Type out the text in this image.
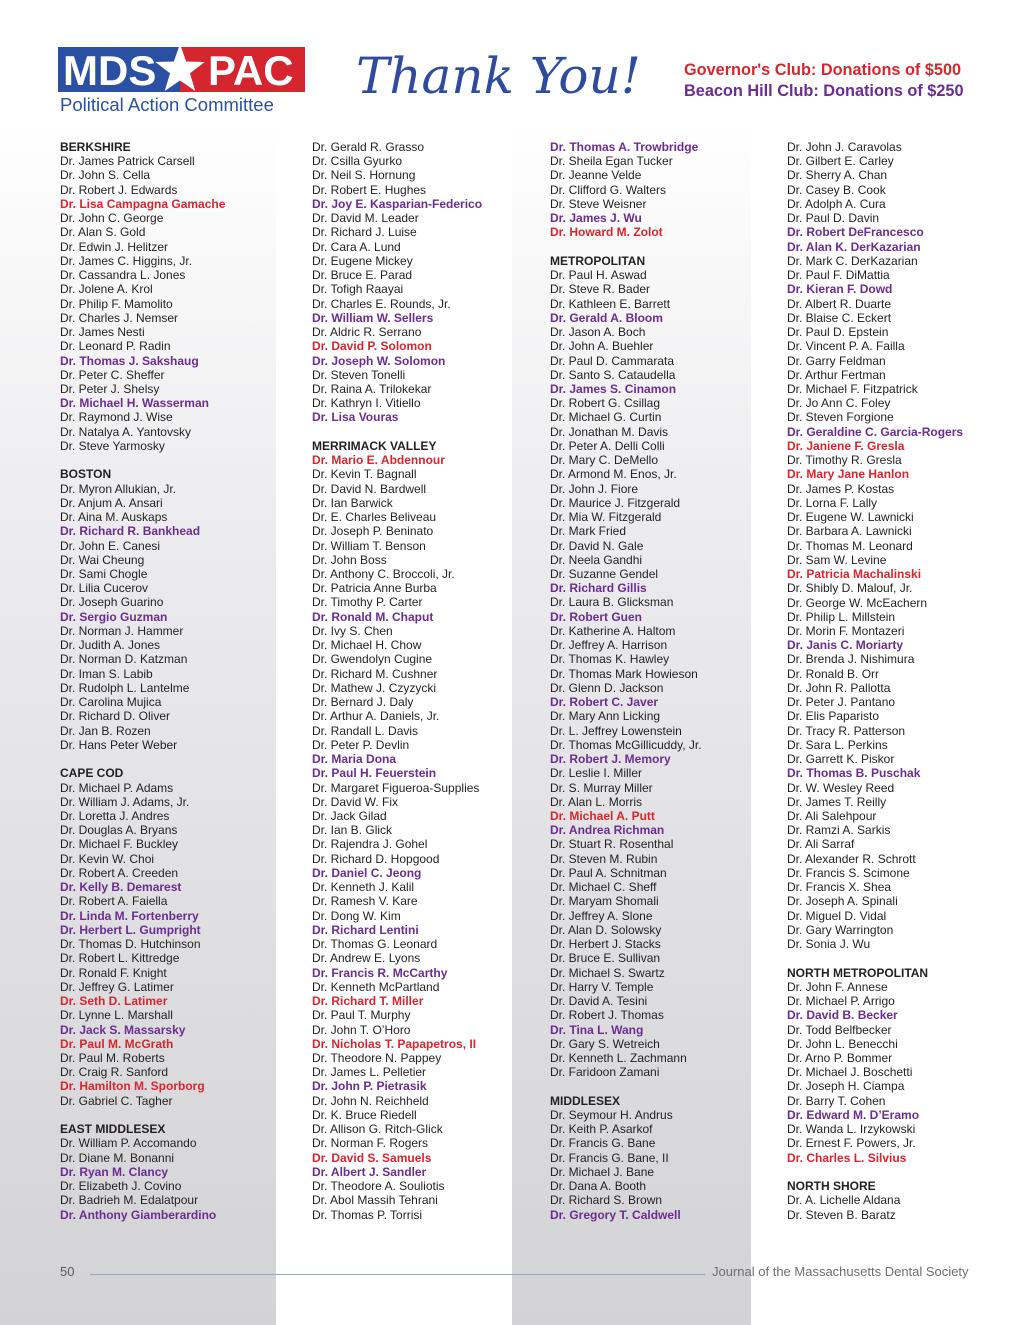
MDS PAC
Political Action Committee Thank You!	Governor's Club: Donations of $500
Beacon Hill Club: Donations of $250
BERKSHIRE
Dr. James Patrick Carsell
Dr. John S. Cella
Dr. Robert J. Edwards
Dr. Lisa Campagna Gamache
Dr. John C. George
Dr. Alan S. Gold
Dr. Edwin J. Helitzer
Dr. James C. Higgins, Jr.
Dr. Cassandra L. Jones
Dr. Jolene A. Krol
Dr. Philip F. Mamolito
Dr. Charles J. Nemser
Dr. James Nesti
Dr. Leonard P. Radin
Dr. Thomas J. Sakshaug
Dr. Peter C. Sheffer
Dr. Peter J. Shelsy
Dr. Michael H. Wasserman
Dr. Raymond J. Wise
Dr. Natalya A. Yantovsky
Dr. Steve Yarmosky
BOSTON
Dr. Myron Allukian, Jr.
Dr. Anjum A. Ansari
Dr. Aina M. Auskaps
Dr. Richard R. Bankhead
Dr. John E. Canesi
Dr. Wai Cheung
Dr. Sami Chogle
Dr. Lilia Cucerov
Dr. Joseph Guarino
Dr. Sergio Guzman
Dr. Norman J. Hammer
Dr. Judith A. Jones
Dr. Norman D. Katzman
Dr. Iman S. Labib
Dr. Rudolph L. Lantelme
Dr. Carolina Mujica
Dr. Richard D. Oliver
Dr. Jan B. Rozen
Dr. Hans Peter Weber
CAPE COD
Dr. Michael P. Adams
Dr. William J. Adams, Jr.
Dr. Loretta J. Andres
Dr. Douglas A. Bryans
Dr. Michael F. Buckley
Dr. Kevin W. Choi
Dr. Robert A. Creeden
Dr. Kelly B. Demarest
Dr. Robert A. Faiella
Dr. Linda M. Fortenberry
Dr. Herbert L. Gumpright
Dr. Thomas D. Hutchinson
Dr. Robert L. Kittredge
Dr. Ronald F. Knight
Dr. Jeffrey G. Latimer
Dr. Seth D. Latimer
Dr. Lynne L. Marshall
Dr. Jack S. Massarsky
Dr. Paul M. McGrath
Dr. Paul M. Roberts
Dr. Craig R. Sanford
Dr. Hamilton M. Sporborg
Dr. Gabriel C. Tagher
EAST MIDDLESEX
Dr. William P. Accomando
Dr. Diane M. Bonanni
Dr. Ryan M. Clancy
Dr. Elizabeth J. Covino
Dr. Badrieh M. Edalatpour
Dr. Anthony Giamberardino
Dr. Gerald R. Grasso
Dr. Csilla Gyurko
Dr. Neil S. Hornung
Dr. Robert E. Hughes
Dr. Joy E. Kasparian-Federico
Dr. David M. Leader
Dr. Richard J. Luise
Dr. Cara A. Lund
Dr. Eugene Mickey
Dr. Bruce E. Parad
Dr. Tofigh Raayai
Dr. Charles E. Rounds, Jr.
Dr. William W. Sellers
Dr. Aldric R. Serrano
Dr. David P. Solomon
Dr. Joseph W. Solomon
Dr. Steven Tonelli
Dr. Raina A. Trilokekar
Dr. Kathryn I. Vitiello
Dr. Lisa Vouras
MERRIMACK VALLEY
Dr. Mario E. Abdennour
Dr. Kevin T. Bagnall
Dr. David N. Bardwell
Dr. Ian Barwick
Dr. E. Charles Beliveau
Dr. Joseph P. Beninato
Dr. William T. Benson
Dr. John Boss
Dr. Anthony C. Broccoli, Jr.
Dr. Patricia Anne Burba
Dr. Timothy P. Carter
Dr. Ronald M. Chaput
Dr. Ivy S. Chen
Dr. Michael H. Chow
Dr. Gwendolyn Cugine
Dr. Richard M. Cushner
Dr. Mathew J. Czyzycki
Dr. Bernard J. Daly
Dr. Arthur A. Daniels, Jr.
Dr. Randall L. Davis
Dr. Peter P. Devlin
Dr. Maria Dona
Dr. Paul H. Feuerstein
Dr. Margaret Figueroa-Supplies
Dr. David W. Fix
Dr. Jack Gilad
Dr. Ian B. Glick
Dr. Rajendra J. Gohel
Dr. Richard D. Hopgood
Dr. Daniel C. Jeong
Dr. Kenneth J. Kalil
Dr. Ramesh V. Kare
Dr. Dong W. Kim
Dr. Richard Lentini
Dr. Thomas G. Leonard
Dr. Andrew E. Lyons
Dr. Francis R. McCarthy
Dr. Kenneth McPartland
Dr. Richard T. Miller
Dr. Paul T. Murphy
Dr. John T. O’Horo
Dr. Nicholas T. Papapetros, II
Dr. Theodore N. Pappey
Dr. James L. Pelletier
Dr. John P. Pietrasik
Dr. John N. Reichheld
Dr. K. Bruce Riedell
Dr. Allison G. Ritch-Glick
Dr. Norman F. Rogers
Dr. David S. Samuels
Dr. Albert J. Sandler
Dr. Theodore A. Souliotis
Dr. Abol Massih Tehrani
Dr. Thomas P. Torrisi
Dr. Thomas A. Trowbridge
Dr. Sheila Egan Tucker
Dr. Jeanne Velde
Dr. Clifford G. Walters
Dr. Steve Weisner
Dr. James J. Wu
Dr. Howard M. Zolot
METROPOLITAN
Dr. Paul H. Aswad
Dr. Steve R. Bader
Dr. Kathleen E. Barrett
Dr. Gerald A. Bloom
Dr. Jason A. Boch
Dr. John A. Buehler
Dr. Paul D. Cammarata
Dr. Santo S. Cataudella
Dr. James S. Cinamon
Dr. Robert G. Csillag
Dr. Michael G. Curtin
Dr. Jonathan M. Davis
Dr. Peter A. Delli Colli
Dr. Mary C. DeMello
Dr. Armond M. Enos, Jr.
Dr. John J. Fiore
Dr. Maurice J. Fitzgerald
Dr. Mia W. Fitzgerald
Dr. Mark Fried
Dr. David N. Gale
Dr. Neela Gandhi
Dr. Suzanne Gendel
Dr. Richard Gillis
Dr. Laura B. Glicksman
Dr. Robert Guen
Dr. Katherine A. Haltom
Dr. Jeffrey A. Harrison
Dr. Thomas K. Hawley
Dr. Thomas Mark Howieson
Dr. Glenn D. Jackson
Dr. Robert C. Javer
Dr. Mary Ann Licking
Dr. L. Jeffrey Lowenstein
Dr. Thomas McGillicuddy, Jr.
Dr. Robert J. Memory
Dr. Leslie I. Miller
Dr. S. Murray Miller
Dr. Alan L. Morris
Dr. Michael A. Putt
Dr. Andrea Richman
Dr. Stuart R. Rosenthal
Dr. Steven M. Rubin
Dr. Paul A. Schnitman
Dr. Michael C. Sheff
Dr. Maryam Shomali
Dr. Jeffrey A. Slone
Dr. Alan D. Solowsky
Dr. Herbert J. Stacks
Dr. Bruce E. Sullivan
Dr. Michael S. Swartz
Dr. Harry V. Temple
Dr. David A. Tesini
Dr. Robert J. Thomas
Dr. Tina L. Wang
Dr. Gary S. Wetreich
Dr. Kenneth L. Zachmann
Dr. Faridoon Zamani
MIDDLESEX
Dr. Seymour H. Andrus
Dr. Keith P. Asarkof
Dr. Francis G. Bane
Dr. Francis G. Bane, II
Dr. Michael J. Bane
Dr. Dana A. Booth
Dr. Richard S. Brown
Dr. Gregory T. Caldwell
Dr. John J. Caravolas
Dr. Gilbert E. Carley
Dr. Sherry A. Chan
Dr. Casey B. Cook
Dr. Adolph A. Cura
Dr. Paul D. Davin
Dr. Robert DeFrancesco
Dr. Alan K. DerKazarian
Dr. Mark C. DerKazarian
Dr. Paul F. DiMattia
Dr. Kieran F. Dowd
Dr. Albert R. Duarte
Dr. Blaise C. Eckert
Dr. Paul D. Epstein
Dr. Vincent P. A. Failla
Dr. Garry Feldman
Dr. Arthur Fertman
Dr. Michael F. Fitzpatrick
Dr. Jo Ann C. Foley
Dr. Steven Forgione
Dr. Geraldine C. Garcia-Rogers
Dr. Janiene F. Gresla
Dr. Timothy R. Gresla
Dr. Mary Jane Hanlon
Dr. James P. Kostas
Dr. Lorna F. Lally
Dr. Eugene W. Lawnicki
Dr. Barbara A. Lawnicki
Dr. Thomas M. Leonard
Dr. Sam W. Levine
Dr. Patricia Machalinski
Dr. Shibly D. Malouf, Jr.
Dr. George W. McEachern
Dr. Philip L. Millstein
Dr. Morin F. Montazeri
Dr. Janis C. Moriarty
Dr. Brenda J. Nishimura
Dr. Ronald B. Orr
Dr. John R. Pallotta
Dr. Peter J. Pantano
Dr. Elis Paparisto
Dr. Tracy R. Patterson
Dr. Sara L. Perkins
Dr. Garrett K. Piskor
Dr. Thomas B. Puschak
Dr. W. Wesley Reed
Dr. James T. Reilly
Dr. Ali Salehpour
Dr. Ramzi A. Sarkis
Dr. Ali Sarraf
Dr. Alexander R. Schrott
Dr. Francis S. Scimone
Dr. Francis X. Shea
Dr. Joseph A. Spinali
Dr. Miguel D. Vidal
Dr. Gary Warrington
Dr. Sonia J. Wu
NORTH METROPOLITAN
Dr. John F. Annese
Dr. Michael P. Arrigo
Dr. David B. Becker
Dr. Todd Belfbecker
Dr. John L. Benecchi
Dr. Arno P. Bommer
Dr. Michael J. Boschetti
Dr. Joseph H. Ciampa
Dr. Barry T. Cohen
Dr. Edward M. D’Eramo
Dr. Wanda L. Irzykowski
Dr. Ernest F. Powers, Jr.
Dr. Charles L. Silvius
NORTH SHORE
Dr. A. Lichelle Aldana
Dr. Steven B. Baratz
50	Journal of the Massachusetts Dental Society
